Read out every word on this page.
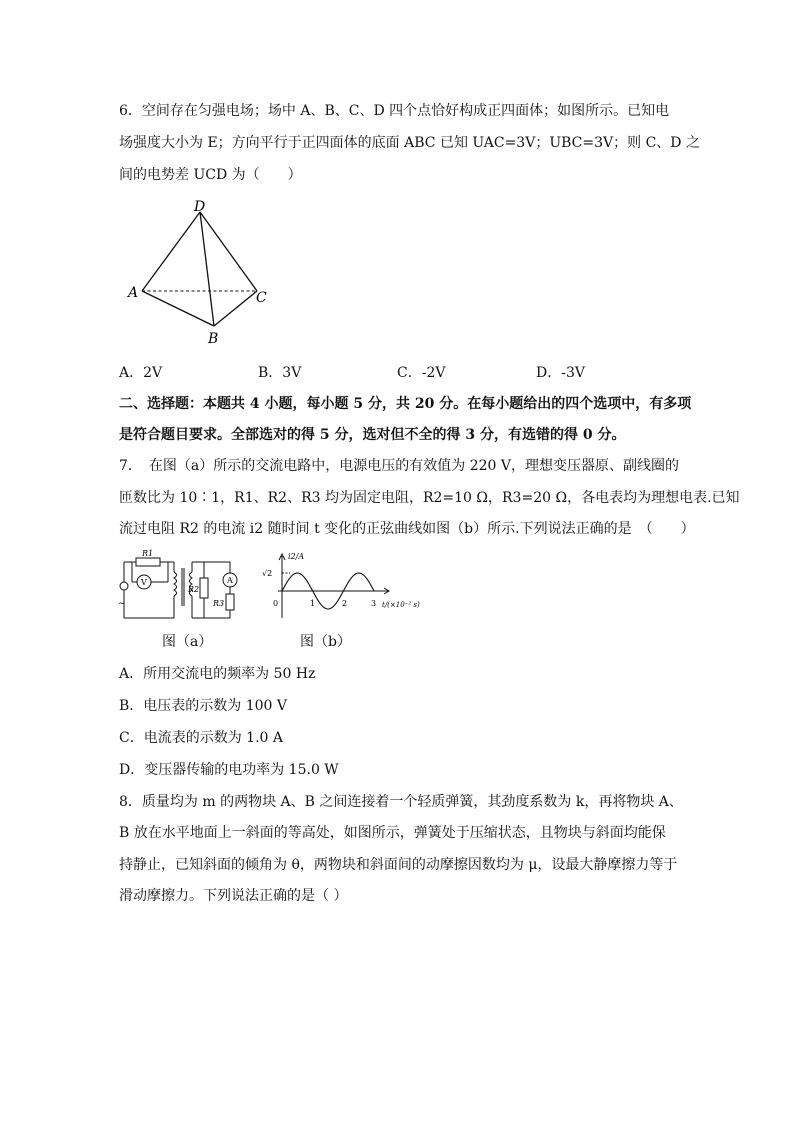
6．空间存在匀强电场；场中 A、B、C、D 四个点恰好构成正四面体；如图所示。已知电
场强度大小为 E；方向平行于正四面体的底面 ABC 已知 UAC=3V；UBC=3V；则 C、D 之
间的电势差 UCD 为（　　）
D
A
B
C
A．2V	B．3V	C．-2V	D．-3V
二、选择题：本题共 4 小题，每小题 5 分，共 20 分。在每小题给出的四个选项中，有多项
是符合题目要求。全部选对的得 5 分，选对但不全的得 3 分，有选错的得 0 分。
7．　在图（a）所示的交流电路中，电源电压的有效值为 220 V，理想变压器原、副线圈的
匝数比为 10∶1，R1、R2、R3 均为固定电阻，R2=10 Ω，R3=20 Ω，各电表均为理想电表.已知
流过电阻 R2 的电流 i2 随时间 t 变化的正弦曲线如图（b）所示.下列说法正确的是　（　　）
R1
R2
R3
V	A
~
图（a）
i2/A
√2
0	1	2	3 t/(×10⁻² s)
图（b）
A．所用交流电的频率为 50 Hz
B．电压表的示数为 100 V
C．电流表的示数为 1.0 A
D．变压器传输的电功率为 15.0 W
8．质量均为 m 的两物块 A、B 之间连接着一个轻质弹簧，其劲度系数为 k，再将物块 A、
B 放在水平地面上一斜面的等高处，如图所示，弹簧处于压缩状态，且物块与斜面均能保
持静止，已知斜面的倾角为 θ，两物块和斜面间的动摩擦因数均为 μ，设最大静摩擦力等于
滑动摩擦力。下列说法正确的是（ ）
